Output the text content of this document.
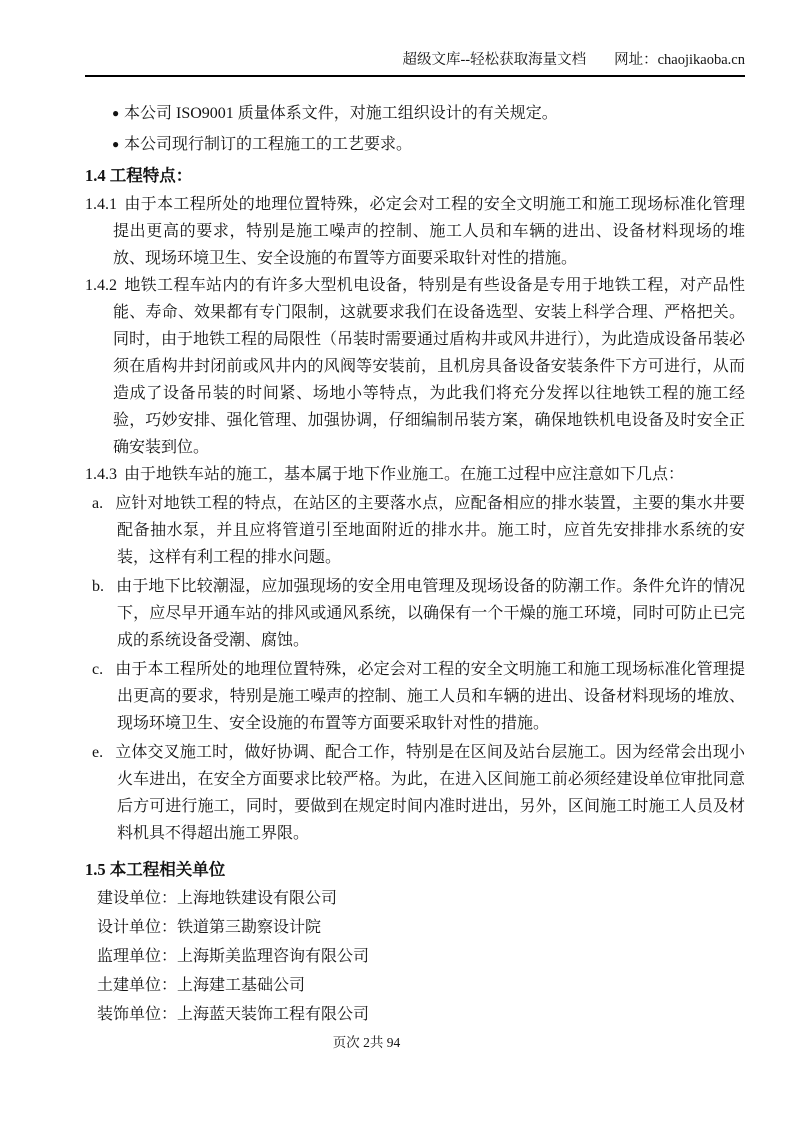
超级文库--轻松获取海量文档 网址：chaojikaoba.cn
● 本公司 ISO9001 质量体系文件，对施工组织设计的有关规定。
● 本公司现行制订的工程施工的工艺要求。
1.4 工程特点：

1.4.1 由于本工程所处的地理位置特殊，必定会对工程的安全文明施工和施工现场标准化管理提出更高的要求，特别是施工噪声的控制、施工人员和车辆的进出、设备材料现场的堆放、现场环境卫生、安全设施的布置等方面要采取针对性的措施。

1.4.2 地铁工程车站内的有许多大型机电设备，特别是有些设备是专用于地铁工程，对产品性能、寿命、效果都有专门限制，这就要求我们在设备选型、安装上科学合理、严格把关。同时，由于地铁工程的局限性（吊装时需要通过盾构井或风井进行），为此造成设备吊装必须在盾构井封闭前或风井内的风阀等安装前，且机房具备设备安装条件下方可进行，从而造成了设备吊装的时间紧、场地小等特点，为此我们将充分发挥以往地铁工程的施工经验，巧妙安排、强化管理、加强协调，仔细编制吊装方案，确保地铁机电设备及时安全正确安装到位。

1.4.3 由于地铁车站的施工，基本属于地下作业施工。在施工过程中应注意如下几点：

a. 应针对地铁工程的特点，在站区的主要落水点，应配备相应的排水装置，主要的集水井要配备抽水泵，并且应将管道引至地面附近的排水井。施工时，应首先安排排水系统的安装，这样有利工程的排水问题。

b. 由于地下比较潮湿，应加强现场的安全用电管理及现场设备的防潮工作。条件允许的情况下，应尽早开通车站的排风或通风系统，以确保有一个干燥的施工环境，同时可防止已完成的系统设备受潮、腐蚀。

c. 由于本工程所处的地理位置特殊，必定会对工程的安全文明施工和施工现场标准化管理提出更高的要求，特别是施工噪声的控制、施工人员和车辆的进出、设备材料现场的堆放、现场环境卫生、安全设施的布置等方面要采取针对性的措施。

e. 立体交叉施工时，做好协调、配合工作，特别是在区间及站台层施工。因为经常会出现小火车进出，在安全方面要求比较严格。为此，在进入区间施工前必须经建设单位审批同意后方可进行施工，同时，要做到在规定时间内准时进出，另外，区间施工时施工人员及材料机具不得超出施工界限。

1.5 本工程相关单位
建设单位：上海地铁建设有限公司
设计单位：铁道第三勘察设计院
监理单位：上海斯美监理咨询有限公司
土建单位：上海建工基础公司
装饰单位：上海蓝天装饰工程有限公司
页次 2共 94
